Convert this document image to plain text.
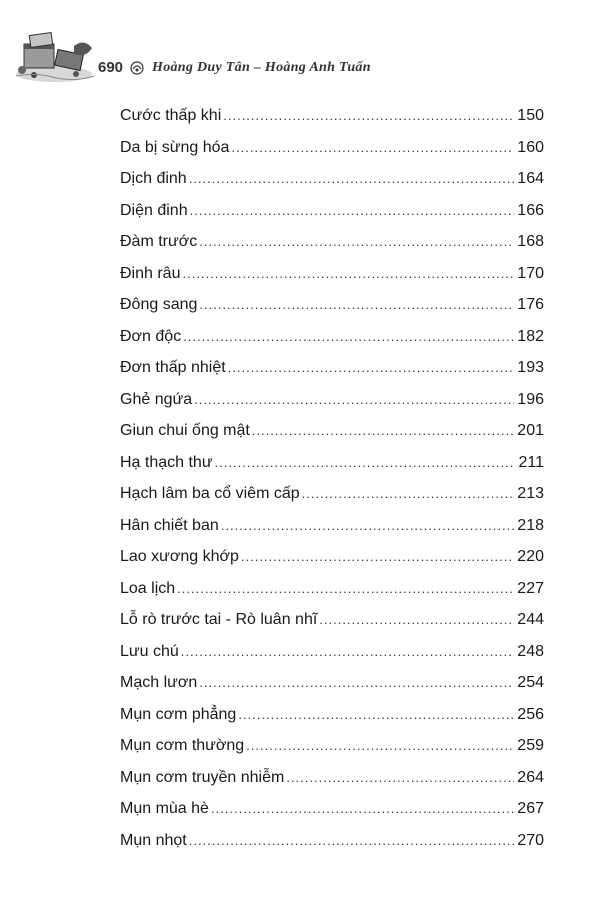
690 Hoàng Duy Tân – Hoàng Anh Tuấn
Cước thấp khi .....	150
Da bị sừng hóa .....	160
Dịch đinh .....	164
Diện đinh .....	166
Đàm trước .....	168
Đinh râu .....	170
Đông sang .....	176
Đơn độc .....	182
Đơn thấp nhiệt .....	193
Ghẻ ngứa .....	196
Giun chui ống mật .....	201
Hạ thạch thư .....	211
Hạch lâm ba cổ viêm cấp .....	213
Hân chiết ban .....	218
Lao xương khớp .....	220
Loa lịch .....	227
Lỗ rò trước tai - Rò luân nhĩ .....	244
Lưu chú .....	248
Mạch lươn .....	254
Mụn cơm phẳng .....	256
Mụn cơm thường .....	259
Mụn cơm truyền nhiễm .....	264
Mụn mùa hè .....	267
Mụn nhọt .....	270
